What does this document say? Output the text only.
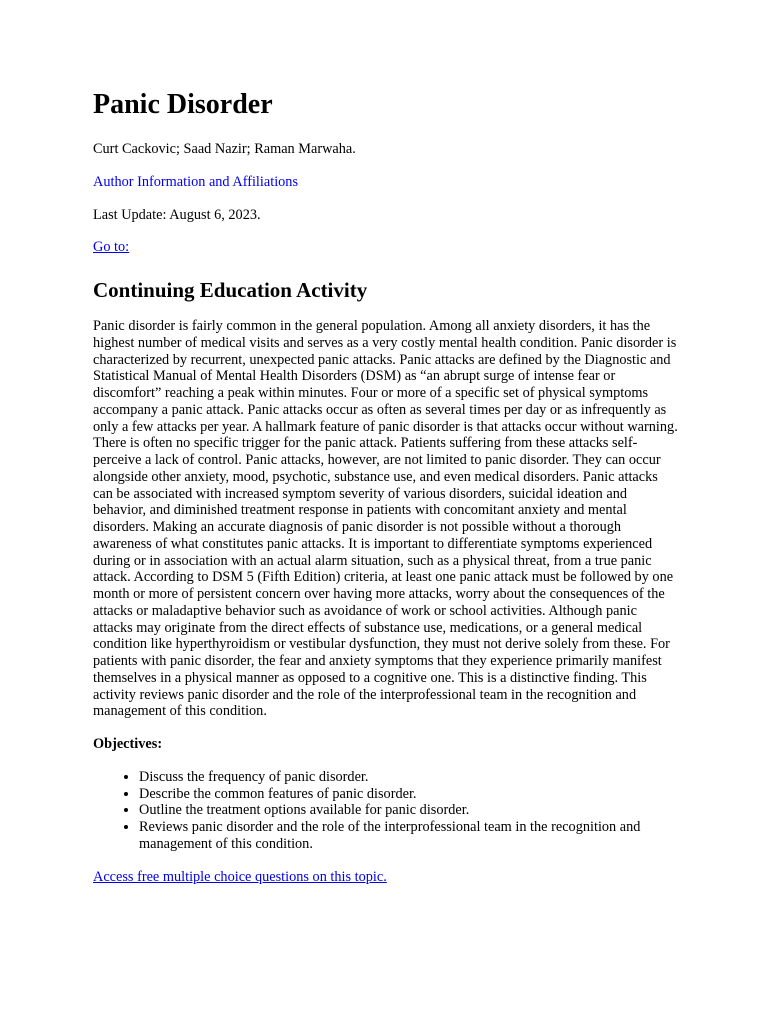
Panic Disorder
Curt Cackovic; Saad Nazir; Raman Marwaha.
Author Information and Affiliations
Last Update: August 6, 2023.
Go to:
Continuing Education Activity
Panic disorder is fairly common in the general population. Among all anxiety disorders, it has the highest number of medical visits and serves as a very costly mental health condition. Panic disorder is characterized by recurrent, unexpected panic attacks. Panic attacks are defined by the Diagnostic and Statistical Manual of Mental Health Disorders (DSM) as “an abrupt surge of intense fear or discomfort” reaching a peak within minutes. Four or more of a specific set of physical symptoms accompany a panic attack. Panic attacks occur as often as several times per day or as infrequently as only a few attacks per year. A hallmark feature of panic disorder is that attacks occur without warning. There is often no specific trigger for the panic attack. Patients suffering from these attacks self-perceive a lack of control. Panic attacks, however, are not limited to panic disorder. They can occur alongside other anxiety, mood, psychotic, substance use, and even medical disorders. Panic attacks can be associated with increased symptom severity of various disorders, suicidal ideation and behavior, and diminished treatment response in patients with concomitant anxiety and mental disorders. Making an accurate diagnosis of panic disorder is not possible without a thorough awareness of what constitutes panic attacks. It is important to differentiate symptoms experienced during or in association with an actual alarm situation, such as a physical threat, from a true panic attack. According to DSM 5 (Fifth Edition) criteria, at least one panic attack must be followed by one month or more of persistent concern over having more attacks, worry about the consequences of the attacks or maladaptive behavior such as avoidance of work or school activities. Although panic attacks may originate from the direct effects of substance use, medications, or a general medical condition like hyperthyroidism or vestibular dysfunction, they must not derive solely from these. For patients with panic disorder, the fear and anxiety symptoms that they experience primarily manifest themselves in a physical manner as opposed to a cognitive one. This is a distinctive finding. This activity reviews panic disorder and the role of the interprofessional team in the recognition and management of this condition.
Objectives:
• Discuss the frequency of panic disorder.
• Describe the common features of panic disorder.
• Outline the treatment options available for panic disorder.
• Reviews panic disorder and the role of the interprofessional team in the recognition and management of this condition.
Access free multiple choice questions on this topic.
